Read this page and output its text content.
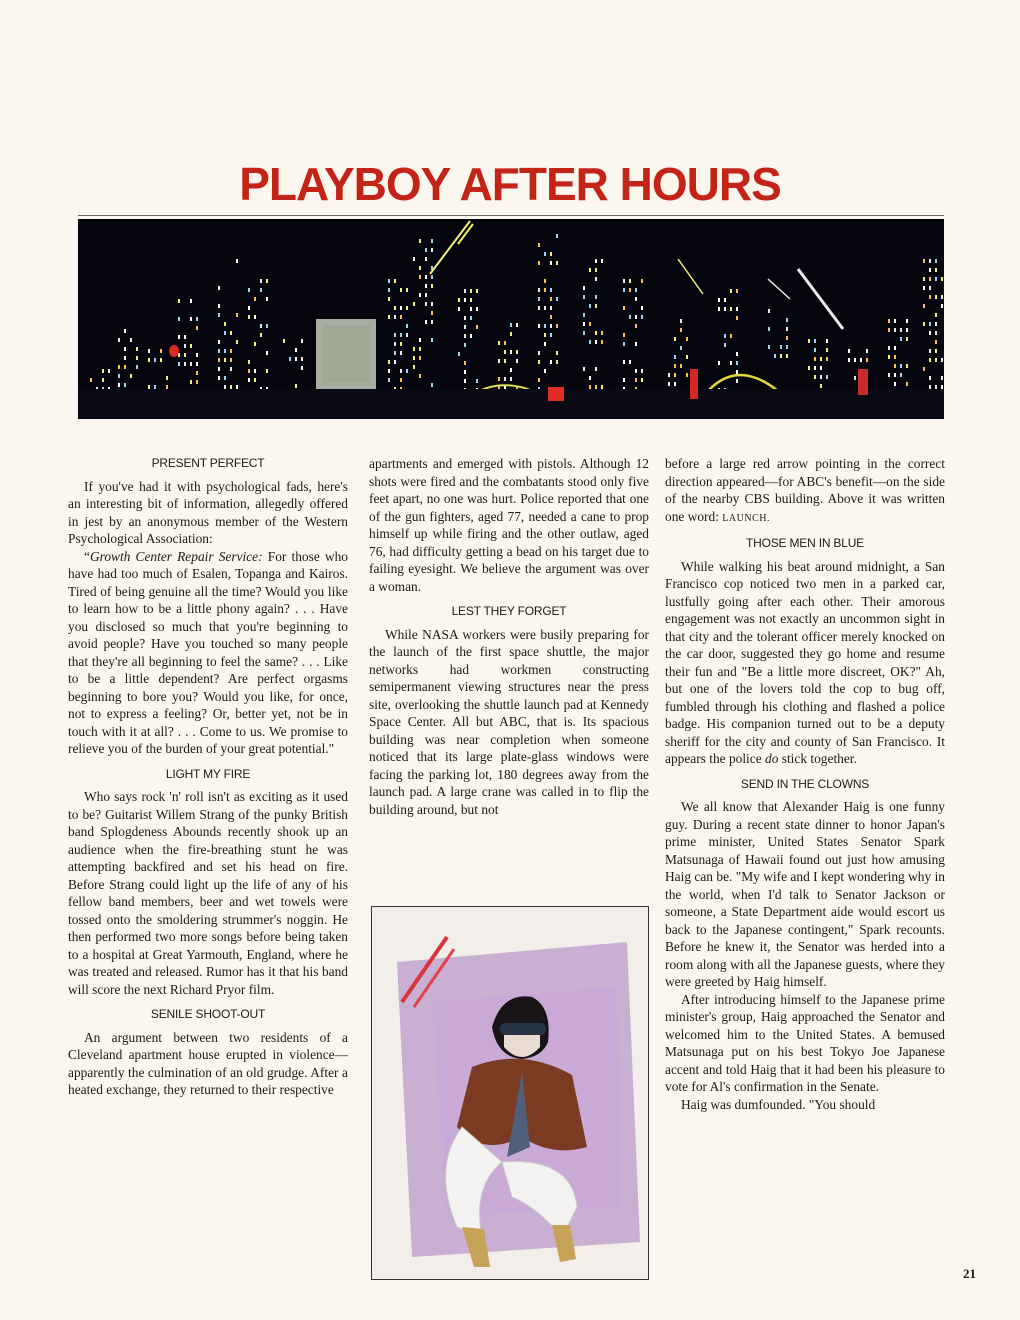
PLAYBOY AFTER HOURS
PRESENT PERFECT

If you've had it with psychological fads, here's an interesting bit of information, allegedly offered in jest by an anonymous member of the Western Psychological Association:

“Growth Center Repair Service: For those who have had too much of Esalen, Topanga and Kairos. Tired of being genuine all the time? Would you like to learn how to be a little phony again? . . . Have you disclosed so much that you're beginning to avoid people? Have you touched so many people that they're all beginning to feel the same? . . . Like to be a little dependent? Are perfect orgasms beginning to bore you? Would you like, for once, not to express a feeling? Or, better yet, not be in touch with it at all? . . . Come to us. We promise to relieve you of the burden of your great potential."

LIGHT MY FIRE

Who says rock 'n' roll isn't as exciting as it used to be? Guitarist Willem Strang of the punky British band Splogdeness Abounds recently shook up an audience when the fire-breathing stunt he was attempting backfired and set his head on fire. Before Strang could light up the life of any of his fellow band members, beer and wet towels were tossed onto the smoldering strummer's noggin. He then performed two more songs before being taken to a hospital at Great Yarmouth, England, where he was treated and released. Rumor has it that his band will score the next Richard Pryor film.

SENILE SHOOT-OUT

An argument between two residents of a Cleveland apartment house erupted in violence—apparently the culmination of an old grudge. After a heated exchange, they returned to their respective

apartments and emerged with pistols. Although 12 shots were fired and the combatants stood only five feet apart, no one was hurt. Police reported that one of the gun fighters, aged 77, needed a cane to prop himself up while firing and the other outlaw, aged 76, had difficulty getting a bead on his target due to failing eyesight. We believe the argument was over a woman.

LEST THEY FORGET

While NASA workers were busily preparing for the launch of the first space shuttle, the major networks had workmen constructing semipermanent viewing structures near the press site, overlooking the shuttle launch pad at Kennedy Space Center. All but ABC, that is. Its spacious building was near completion when someone noticed that its large plate-glass windows were facing the parking lot, 180 degrees away from the launch pad. A large crane was called in to flip the building around, but not

before a large red arrow pointing in the correct direction appeared—for ABC's benefit—on the side of the nearby CBS building. Above it was written one word: LAUNCH.

THOSE MEN IN BLUE

While walking his beat around midnight, a San Francisco cop noticed two men in a parked car, lustfully going after each other. Their amorous engagement was not exactly an uncommon sight in that city and the tolerant officer merely knocked on the car door, suggested they go home and resume their fun and "Be a little more discreet, OK?" Ah, but one of the lovers told the cop to bug off, fumbled through his clothing and flashed a police badge. His companion turned out to be a deputy sheriff for the city and county of San Francisco. It appears the police do stick together.

SEND IN THE CLOWNS

We all know that Alexander Haig is one funny guy. During a recent state dinner to honor Japan's prime minister, United States Senator Spark Matsunaga of Hawaii found out just how amusing Haig can be. "My wife and I kept wondering why in the world, when I'd talk to Senator Jackson or someone, a State Department aide would escort us back to the Japanese contingent," Spark recounts. Before he knew it, the Senator was herded into a room along with all the Japanese guests, where they were greeted by Haig himself.

After introducing himself to the Japanese prime minister's group, Haig approached the Senator and welcomed him to the United States. A bemused Matsunaga put on his best Tokyo Joe Japanese accent and told Haig that it had been his pleasure to vote for Al's confirmation in the Senate.

Haig was dumfounded. "You should

21
